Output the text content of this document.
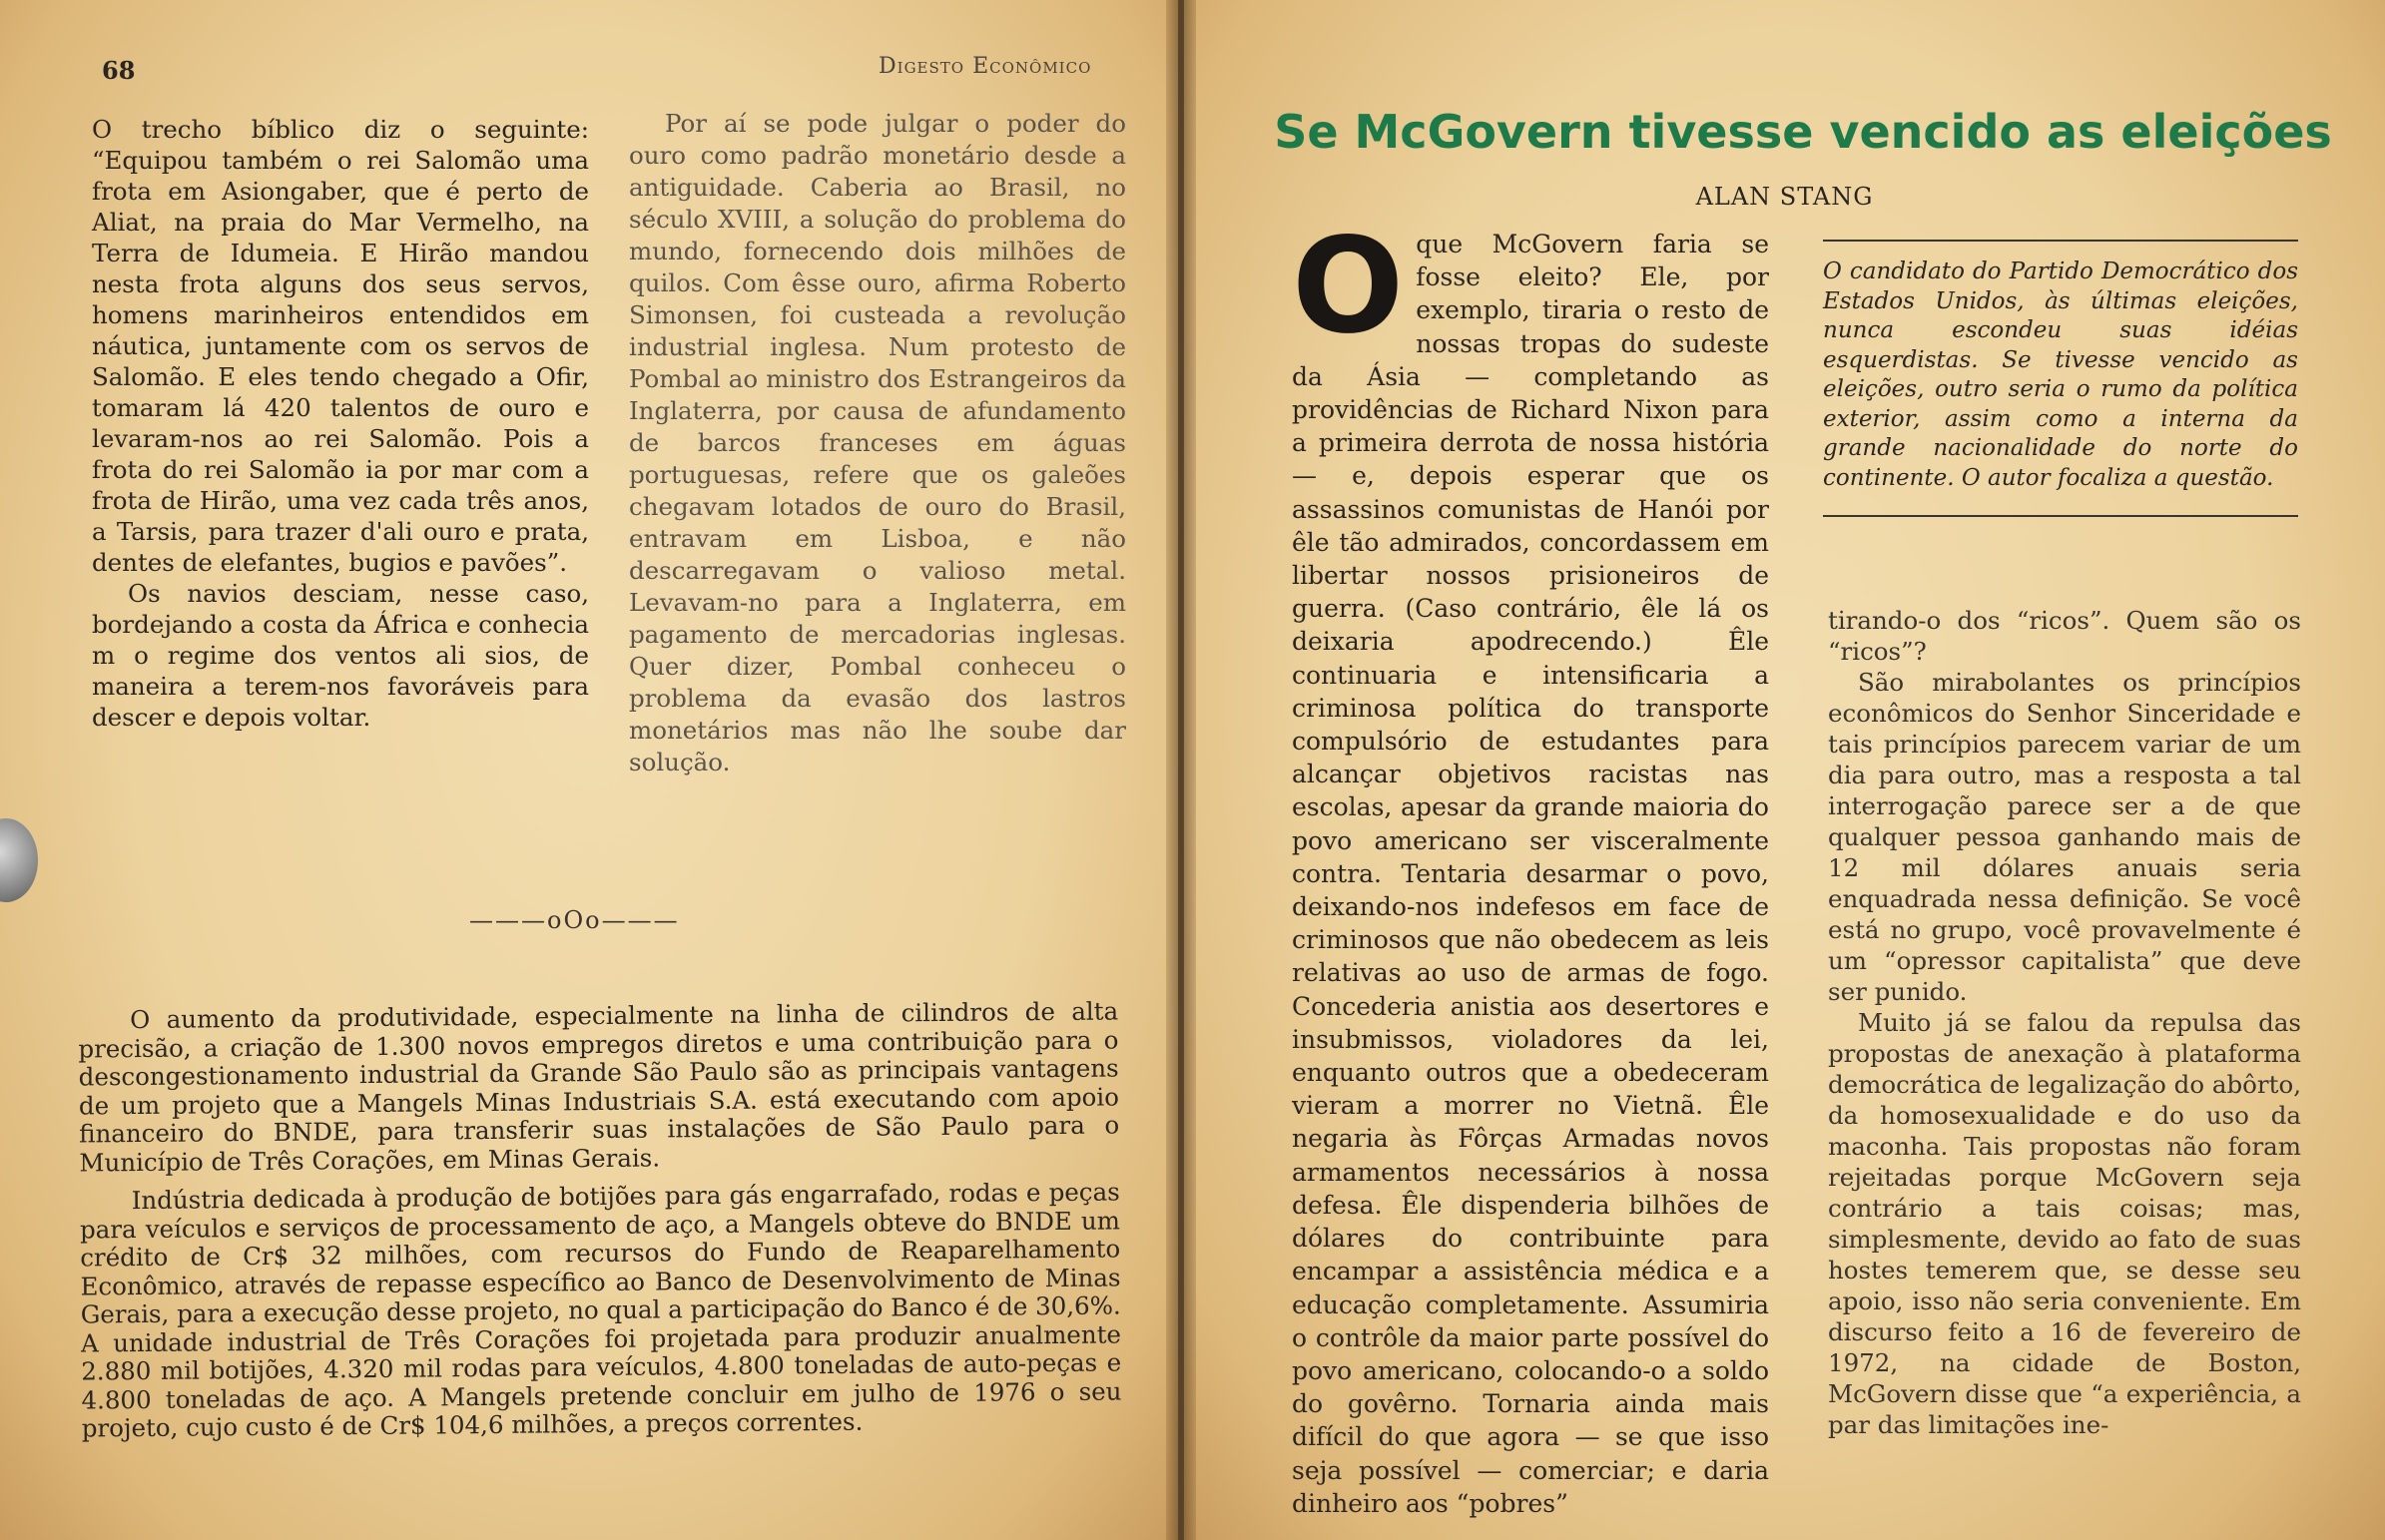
68	Digesto Econômico

O trecho bíblico diz o seguinte: “Equipou também o rei Salomão uma frota em Asiongaber, que é perto de Aliat, na praia do Mar Vermelho, na Terra de Idumeia. E Hirão mandou nesta frota alguns dos seus servos, homens marinheiros entendidos em náutica, juntamente com os servos de Salomão. E eles tendo chegado a Ofir, tomaram lá 420 talentos de ouro e levaram-nos ao rei Salomão. Pois a frota do rei Salomão ia por mar com a frota de Hirão, uma vez cada três anos, a Tarsis, para trazer d'ali ouro e prata, dentes de elefantes, bugios e pavões”.

Os navios desciam, nesse caso, bordejando a costa da África e conhecia m o regime dos ventos ali sios, de maneira a terem-nos favoráveis para descer e depois voltar.

Por aí se pode julgar o poder do ouro como padrão monetário desde a antiguidade. Caberia ao Brasil, no século XVIII, a solução do problema do mundo, fornecendo dois milhões de quilos. Com êsse ouro, afirma Roberto Simonsen, foi custeada a revolução industrial inglesa. Num protesto de Pombal ao ministro dos Estrangeiros da Inglaterra, por causa de afundamento de barcos franceses em águas portuguesas, refere que os galeões chegavam lotados de ouro do Brasil, entravam em Lisboa, e não descarregavam o valioso metal. Levavam-no para a Inglaterra, em pagamento de mercadorias inglesas. Quer dizer, Pombal conheceu o problema da evasão dos lastros monetários mas não lhe soube dar solução.

———oOo———

O aumento da produtividade, especialmente na linha de cilindros de alta precisão, a criação de 1.300 novos empregos diretos e uma contribuição para o descongestionamento industrial da Grande São Paulo são as principais vantagens de um projeto que a Mangels Minas Industriais S.A. está executando com apoio financeiro do BNDE, para transferir suas instalações de São Paulo para o Município de Três Corações, em Minas Gerais.

Indústria dedicada à produção de botijões para gás engarrafado, rodas e peças para veículos e serviços de processamento de aço, a Mangels obteve do BNDE um crédito de Cr$ 32 milhões, com recursos do Fundo de Reaparelhamento Econômico, através de repasse específico ao Banco de Desenvolvimento de Minas Gerais, para a execução desse projeto, no qual a participação do Banco é de 30,6%. A unidade industrial de Três Corações foi projetada para produzir anualmente 2.880 mil botijões, 4.320 mil rodas para veículos, 4.800 toneladas de auto-peças e 4.800 toneladas de aço. A Mangels pretende concluir em julho de 1976 o seu projeto, cujo custo é de Cr$ 104,6 milhões, a preços correntes.

Se McGovern tivesse vencido as eleições
ALAN STANG

Oque McGovern faria se fosse eleito? Ele, por exemplo, tiraria o resto de nossas tropas do sudeste da Ásia — completando as providências de Richard Nixon para a primeira derrota de nossa história — e, depois esperar que os assassinos comunistas de Hanói por êle tão admirados, concordassem em libertar nossos prisioneiros de guerra. (Caso contrário, êle lá os deixaria apodrecendo.) Êle continuaria e intensificaria a criminosa política do transporte compulsório de estudantes para alcançar objetivos racistas nas escolas, apesar da grande maioria do povo americano ser visceralmente contra. Tentaria desarmar o povo, deixando-nos indefesos em face de criminosos que não obedecem as leis relativas ao uso de armas de fogo. Concederia anistia aos desertores e insubmissos, violadores da lei, enquanto outros que a obedeceram vieram a morrer no Vietnã. Êle negaria às Fôrças Armadas novos armamentos necessários à nossa defesa. Êle dispenderia bilhões de dólares do contribuinte para encampar a assistência médica e a educação completamente. Assumiria o contrôle da maior parte possível do povo americano, colocando-o a soldo do govêrno. Tornaria ainda mais difícil do que agora — se que isso seja possível — comerciar; e daria dinheiro aos “pobres”

O candidato do Partido Democrático dos Estados Unidos, às últimas eleições, nunca escondeu suas idéias esquerdistas. Se tivesse vencido as eleições, outro seria o rumo da política exterior, assim como a interna da grande nacionalidade do norte do continente. O autor focaliza a questão.

tirando-o dos “ricos”. Quem são os “ricos”?

São mirabolantes os princípios econômicos do Senhor Sinceridade e tais princípios parecem variar de um dia para outro, mas a resposta a tal interrogação parece ser a de que qualquer pessoa ganhando mais de 12 mil dólares anuais seria enquadrada nessa definição. Se você está no grupo, você provavelmente é um “opressor capitalista” que deve ser punido.

Muito já se falou da repulsa das propostas de anexação à plataforma democrática de legalização do abôrto, da homosexualidade e do uso da maconha. Tais propostas não foram rejeitadas porque McGovern seja contrário a tais coisas; mas, simplesmente, devido ao fato de suas hostes temerem que, se desse seu apoio, isso não seria conveniente. Em discurso feito a 16 de fevereiro de 1972, na cidade de Boston, McGovern disse que “a experiência, a par das limitações ine-
